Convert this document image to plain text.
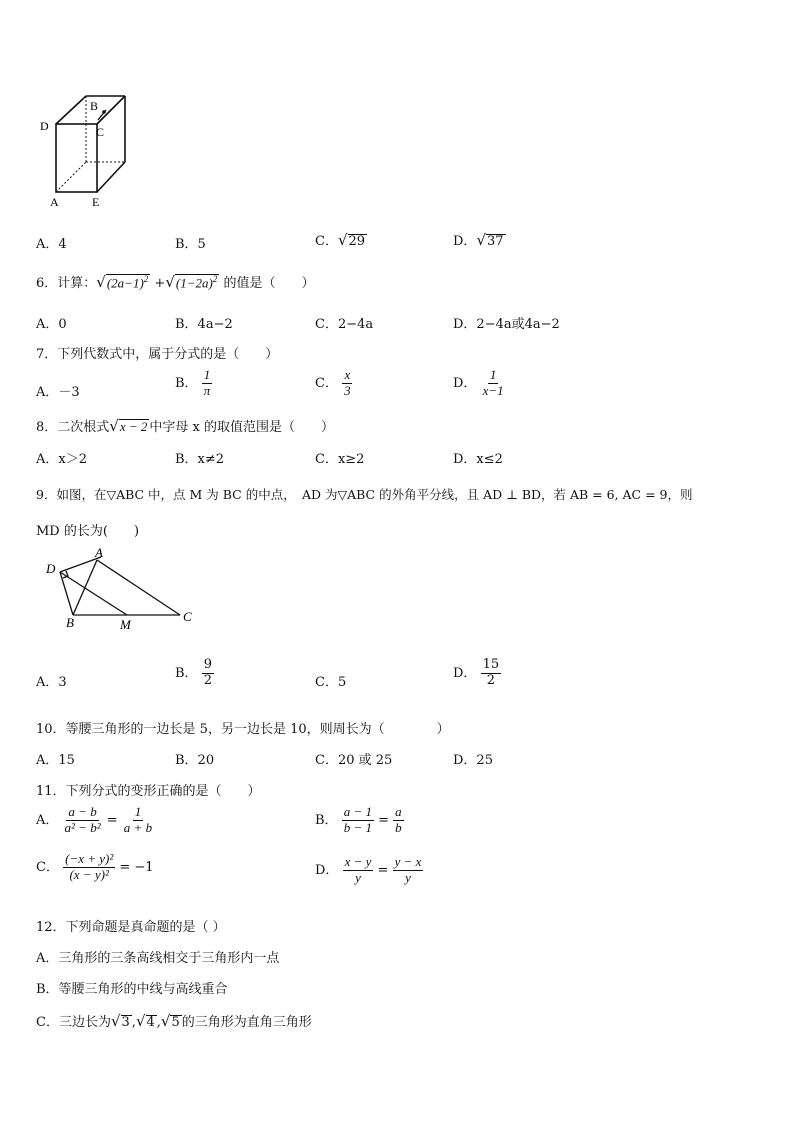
B
D	C
A	E
A．4	B．5	C．√29	D．√37
6．计算：$√(2a-1)^2 +√(1-2a)^2$ 的值是（　　）
A．0	B．4a−2	C．2−4a	D．2−4a或4a−2
7．下列代数式中，属于分式的是（　　）
A．－3
B． $\frac{1}{\pi}$	C． $\frac{x}{3}$	D． $\frac{1}{x-1}$
8．二次根式√x − 2 中字母 x 的取值范围是（　　）
A．x＞2	B．x≠2	C．x≥2	D．x≤2
9．如图，在▽ABC 中，点 M 为 BC 的中点，　AD 为▽ABC 的外角平分线，且 AD ⊥ BD，若 AB = 6, AC = 9，则
MD 的长为(　　)
D
A
B	M
C
A．3
B． $\frac{9}{2}$	C．5
D． $\frac{15}{2}$
10．等腰三角形的一边长是 5，另一边长是 10，则周长为（　　　　）
A．15	B．20	C．20 或 25	D．25
11．下列分式的变形正确的是（　　）
A． $\frac{a - b}{\text{a² − b²}} = \frac{1}{a + b}$	B． $\frac{a - 1}{b - 1} = \frac{a}{b}$
C． $\frac{\text{(−x + y)²}}{\text{(x − y)²}} = -1$	D． $\frac{x - y}{y} = \frac{y - x}{y}$
12．下列命题是真命题的是（ ）
A．三角形的三条高线相交于三角形内一点
B．等腰三角形的中线与高线重合
C．三边长为√3 ,√4 ,√5 的三角形为直角三角形
